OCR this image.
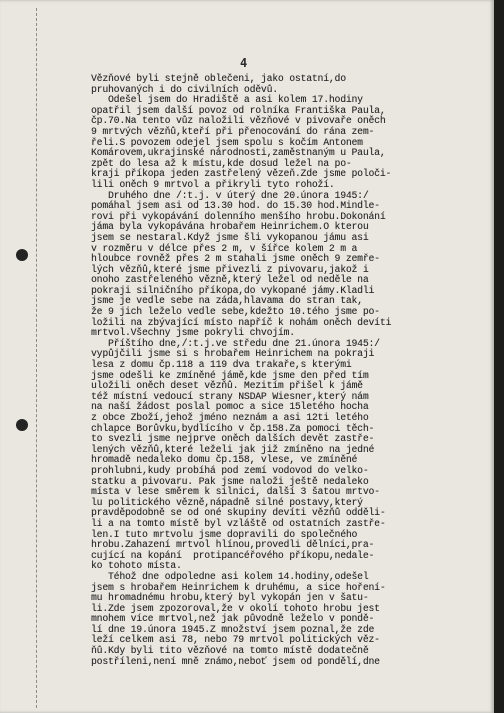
4
Vězňové byli stejně oblečeni, jako ostatní,do
pruhovaných i do civilních oděvů.
Odešel jsem do Hradiště a asi kolem 17.hodiny
opatřil jsem další povoz od rolníka Františka Paula,
čp.70.Na tento vůz naložili vězňové v pivovaře oněch
9 mrtvých vězňů,kteří při přenocování do rána zem-
řeli.S povozem odejel jsem spolu s kočím Antonem
Komárovem,ukrajinské národnosti,zaměstnaným u Paula,
zpět do lesa až k místu,kde dosud ležel na po-
kraji příkopa jeden zastřelený vězeň.Zde jsme poloči-
lili oněch 9 mrtvol a přikryli tyto rohoží.
Druhého dne /:t.j. v úterý dne 20.února 1945:/
pomáhal jsem asi od 13.30 hod. do 15.30 hod.Mindle-
rovi při vykopávání dolenního menšího hrobu.Dokonání
jáma byla vykopávána hrobařem Heinrichem.O kterou
jsem se nestaral.Když jsme šli vykopanou jámu asi
v rozměru v délce přes 2 m, v šířce kolem 2 m a
hloubce rovněž přes 2 m stahali jsme oněch 9 zemře-
lých vězňů,které jsme přivezli z pivovaru,jakož i
onoho zastřeleného vězně,který ležel od neděle na
pokraji silničního příkopa,do vykopané jámy.Kladli
jsme je vedle sebe na záda,hlavama do stran tak,
že 9 jich leželo vedle sebe,kdežto 10.tého jsme po-
ložili na zbývající místo napříč k nohám oněch devíti
mrtvol.Všechny jsme pokryli chvojím.
Příštího dne,/:t.j.ve středu dne 21.února 1945:/
vypůjčili jsme si s hrobařem Heinrichem na pokraji
lesa z domu čp.118 a 119 dva trakaře,s kterými
jsme odešli ke zmíněné jámě,kde jsme den před tím
uložili oněch deset vězňů. Mezitím přišel k jámě
též místní vedoucí strany NSDAP Wiesner,který nám
na naší žádost poslal pomoc a sice 15letého hocha
z obce Zboží,jehož jméno neznám a asi 12ti letého
chlapce Borůvku,bydlícího v čp.158.Za pomoci těch-
to svezli jsme nejprve oněch dalších devět zastře-
lených vězňů,které leželi jak již zmíněno na jedné
hromadě nedaleko domu čp.158, vlese, ve zmíněné
prohlubni,kudy probíhá pod zemí vodovod do velko-
statku a pivovaru. Pak jsme naloži ještě nedaleko
místa v lese směrem k silnici, další 3 šatou mrtvo-
lu politického vězně,nápadně silné postavy,který
pravděpodobně se od oné skupiny devíti vězňů odděli-
li a na tomto místě byl vzláště od ostatních zastře-
len.I tuto mrtvolu jsme dopravili do společného
hrobu.Zahazení mrtvol hlínou,provedli dělníci,pra-
cující na kopání  protipancéřového příkopu,nedale-
ko tohoto místa.
Téhož dne odpoledne asi kolem 14.hodiny,odešel
jsem s hrobařem Heinrichem k druhému, a sice hoření-
mu hromadnému hrobu,který byl vykopán jen v šatu-
li.Zde jsem zpozoroval,že v okolí tohoto hrobu jest
mnohem více mrtvol,než jak původně leželo v pondě-
lí dne 19.února 1945.Z množství jsem poznal,že zde
leží celkem asi 78, nebo 79 mrtvol politických věz-
ňů.Kdy byli tito vězňové na tomto místě dodatečně
postříleni,není mně známo,neboť jsem od pondělí,dne
